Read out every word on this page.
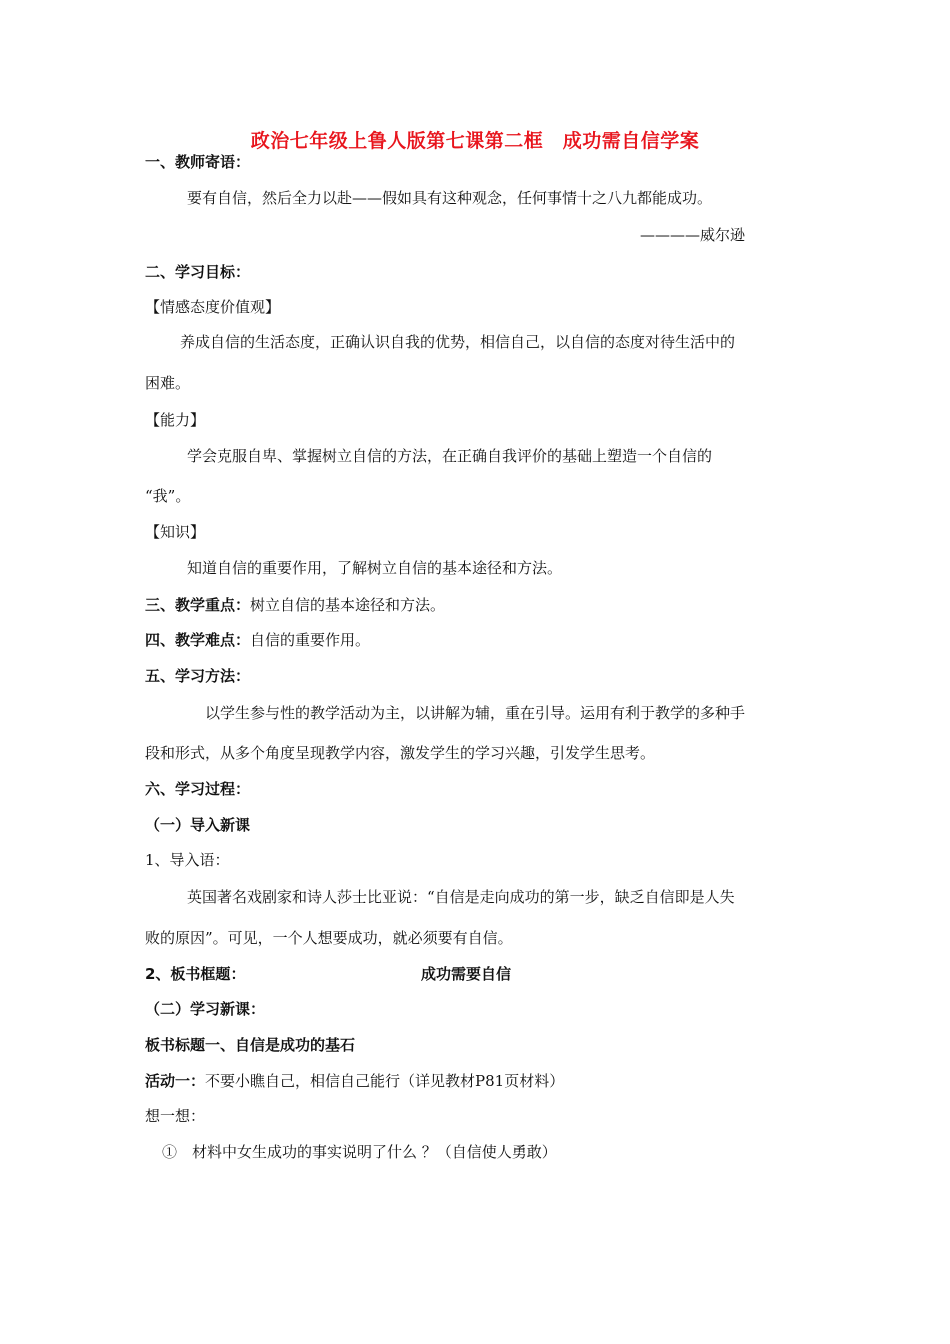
政治七年级上鲁人版第七课第二框　成功需自信学案
一、教师寄语：
要有自信，然后全力以赴——假如具有这种观念，任何事情十之八九都能成功。
————威尔逊
二、学习目标：
【情感态度价值观】
养成自信的生活态度，正确认识自我的优势，相信自己，以自信的态度对待生活中的
困难。
【能力】
学会克服自卑、掌握树立自信的方法，在正确自我评价的基础上塑造一个自信的
“我”。
【知识】
知道自信的重要作用，了解树立自信的基本途径和方法。
三、教学重点：树立自信的基本途径和方法。
四、教学难点：自信的重要作用。
五、学习方法：
以学生参与性的教学活动为主，以讲解为辅，重在引导。运用有利于教学的多种手
段和形式，从多个角度呈现教学内容，激发学生的学习兴趣，引发学生思考。
六、学习过程：
（一）导入新课
1、导入语：
英国著名戏剧家和诗人莎士比亚说：“自信是走向成功的第一步，缺乏自信即是人失
败的原因”。可见，一个人想要成功，就必须要有自信。
2、板书框题：	成功需要自信
（二）学习新课：
板书标题一、自信是成功的基石
活动一：不要小瞧自己，相信自己能行（详见教材P81页材料）
想一想：
①　材料中女生成功的事实说明了什么 ？（自信使人勇敢）
